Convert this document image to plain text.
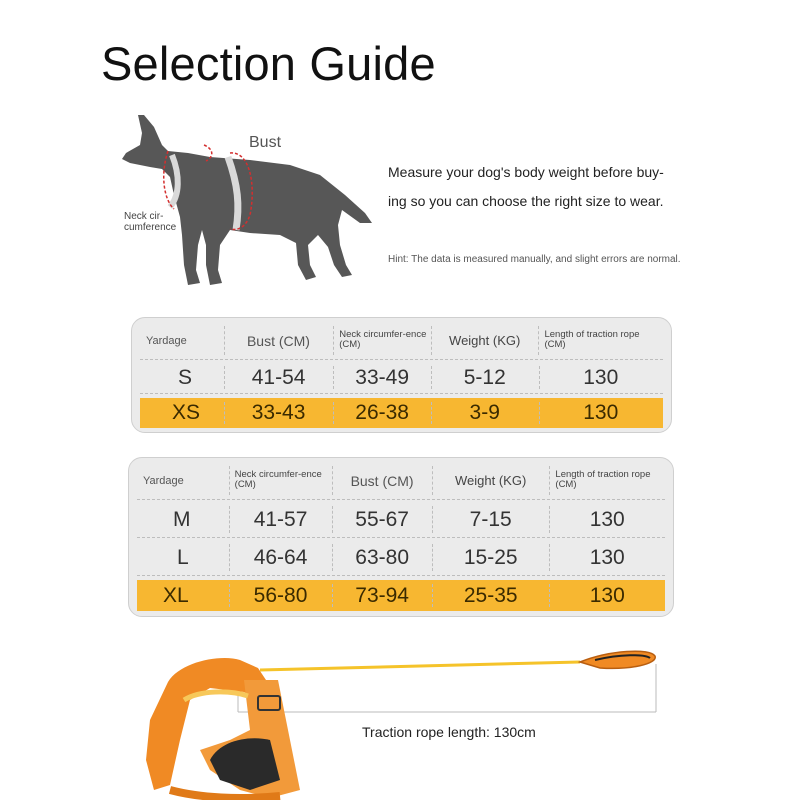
Selection Guide
Bust
Neck cir-
cumference
Measure your dog's body weight before buy-
ing so you can choose the right size to wear.
Hint: The data is measured manually, and slight errors are normal.
Yardage	Bust (CM)	Neck circumfer-ence (CM)	Weight (KG)	Length of traction rope (CM)
S	41-54	33-49	5-12	130
XS	33-43	26-38	3-9	130
Yardage	Neck circumfer-ence (CM)	Bust (CM)	Weight (KG)	Length of traction rope (CM)
M	41-57	55-67	7-15	130
L	46-64	63-80	15-25	130
XL	56-80	73-94	25-35	130
Traction rope length: 130cm
